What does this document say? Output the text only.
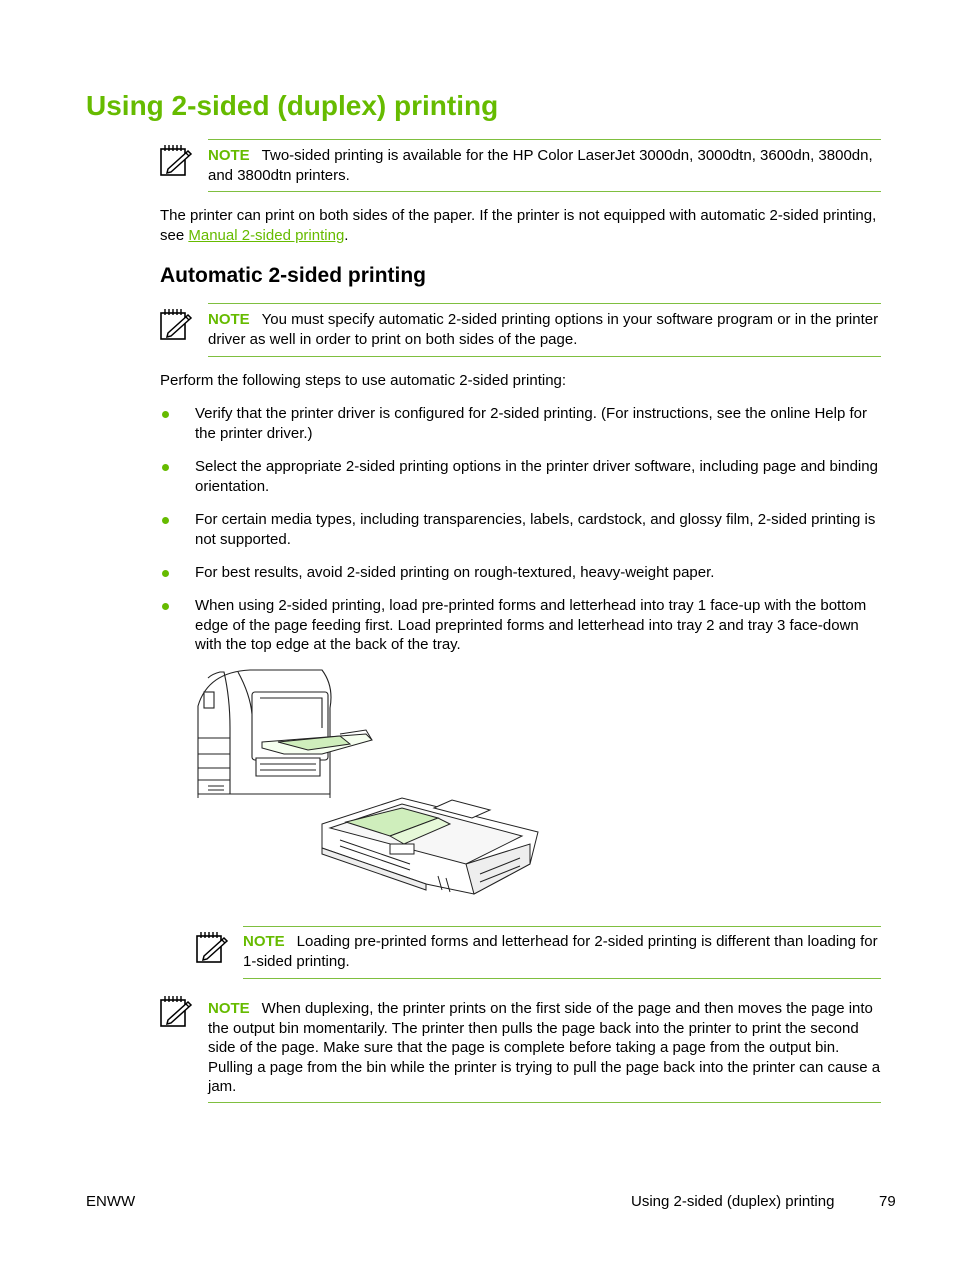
Using 2-sided (duplex) printing
NOTE Two-sided printing is available for the HP Color LaserJet 3000dn, 3000dtn, 3600dn, 3800dn, and 3800dtn printers.
The printer can print on both sides of the paper. If the printer is not equipped with automatic 2-sided printing, see Manual 2-sided printing.
Automatic 2-sided printing
NOTE You must specify automatic 2-sided printing options in your software program or in the printer driver as well in order to print on both sides of the page.
Perform the following steps to use automatic 2-sided printing:
Verify that the printer driver is configured for 2-sided printing. (For instructions, see the online Help for the printer driver.)
Select the appropriate 2-sided printing options in the printer driver software, including page and binding orientation.
For certain media types, including transparencies, labels, cardstock, and glossy film, 2-sided printing is not supported.
For best results, avoid 2-sided printing on rough-textured, heavy-weight paper.
When using 2-sided printing, load pre-printed forms and letterhead into tray 1 face-up with the bottom edge of the page feeding first. Load preprinted forms and letterhead into tray 2 and tray 3 face-down with the top edge at the back of the tray.
NOTE Loading pre-printed forms and letterhead for 2-sided printing is different than loading for 1-sided printing.
NOTE When duplexing, the printer prints on the first side of the page and then moves the page into the output bin momentarily. The printer then pulls the page back into the printer to print the second side of the page. Make sure that the page is complete before taking a page from the output bin. Pulling a page from the bin while the printer is trying to pull the page back into the printer can cause a jam.
ENWW	Using 2-sided (duplex) printing	79
